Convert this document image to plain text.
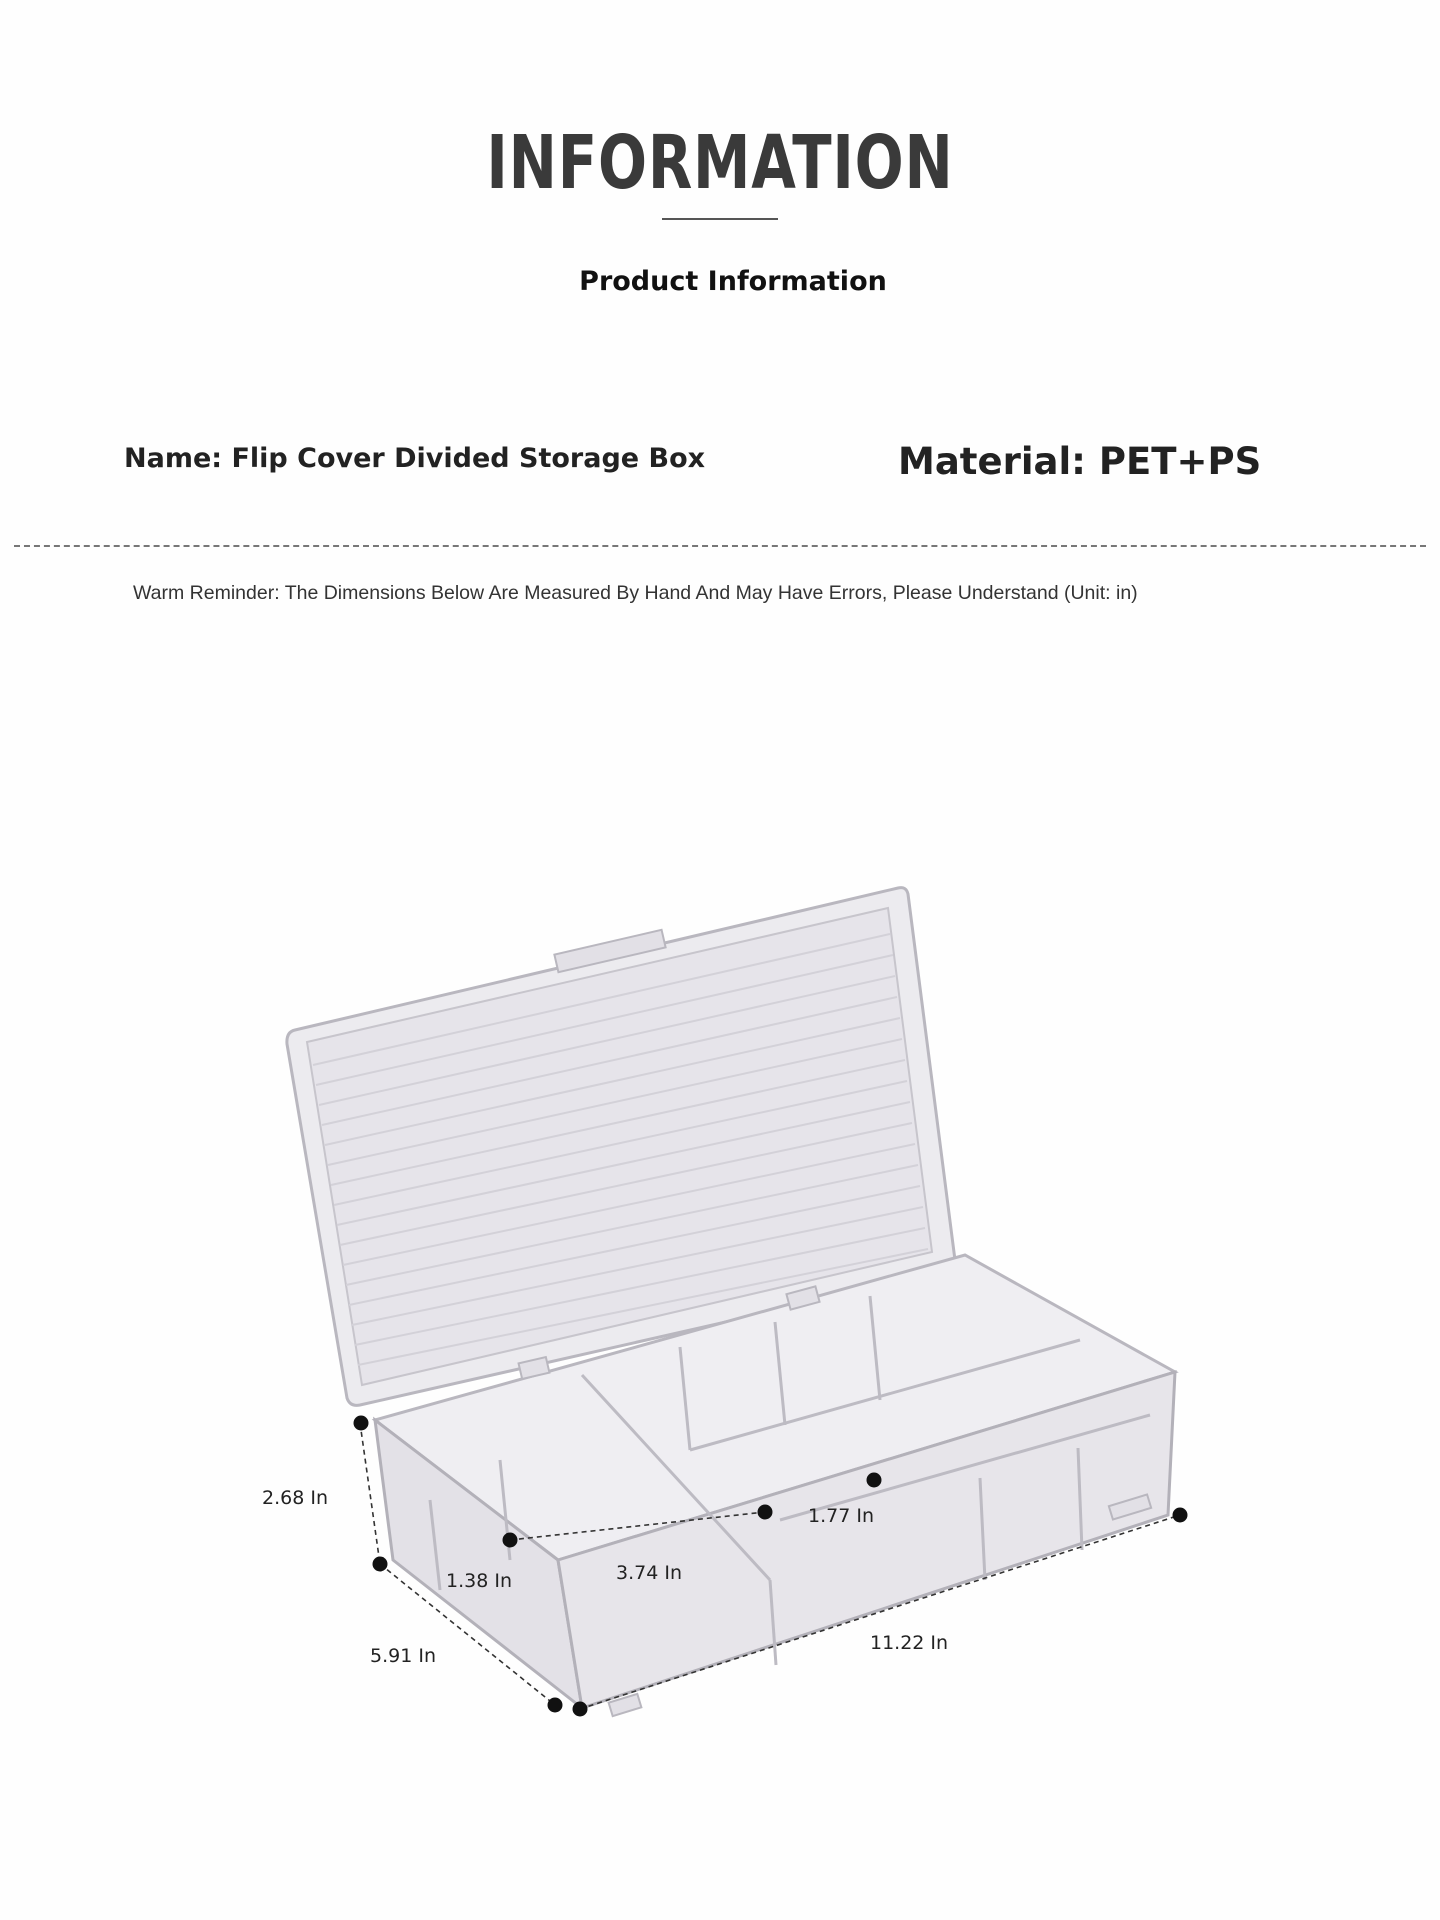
INFORMATION
Product Information
Name: Flip Cover Divided Storage Box	Material: PET+PS
Warm Reminder: The Dimensions Below Are Measured By Hand And May Have Errors, Please Understand (Unit: in)
2.68 In
1.38 In	3.74 In
1.77 In
5.91 In
11.22 In
